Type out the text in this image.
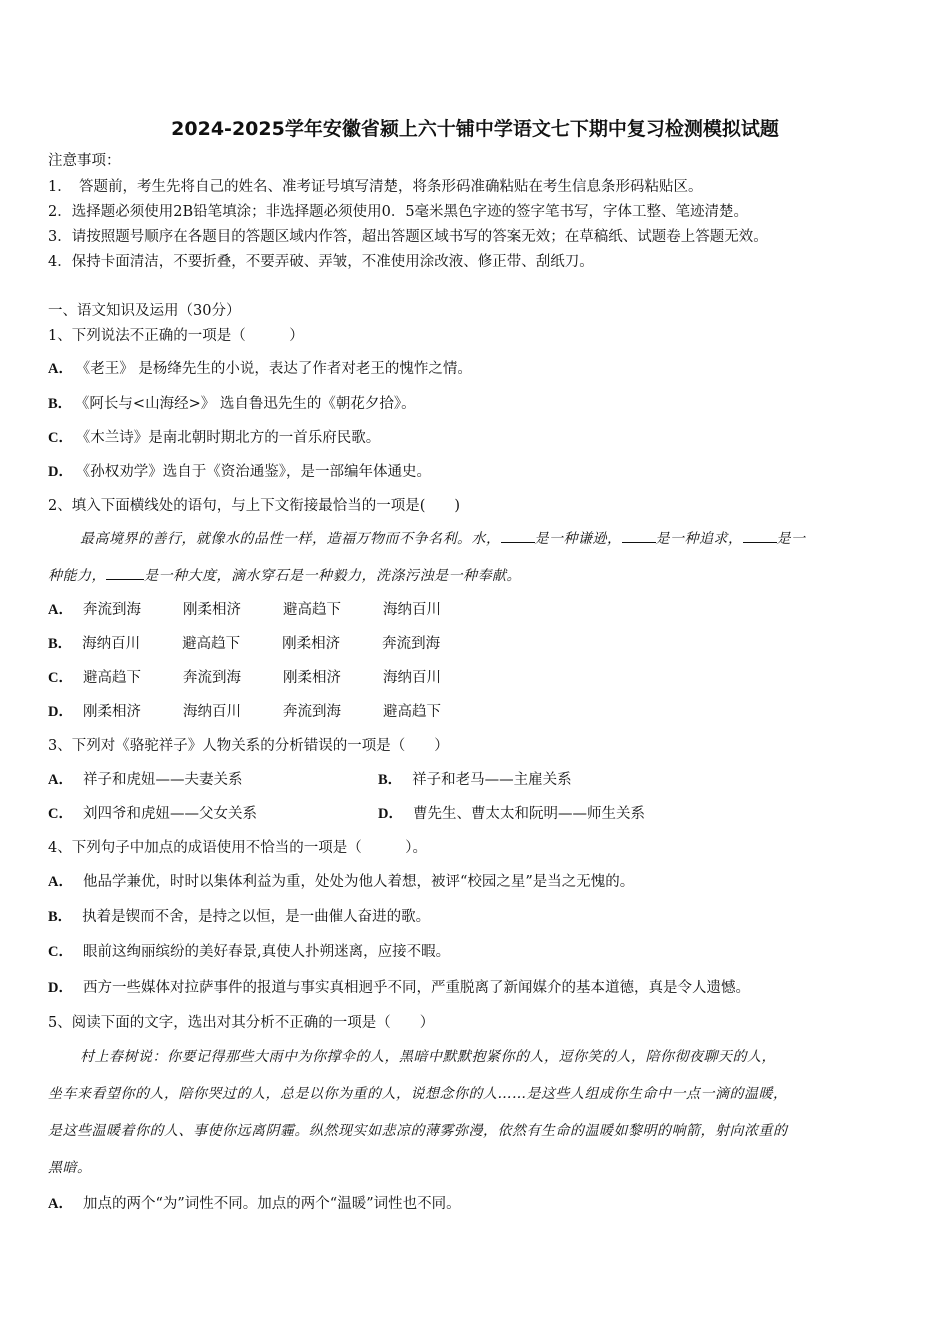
2024-2025学年安徽省颍上六十铺中学语文七下期中复习检测模拟试题
注意事项：
1．　答题前，考生先将自己的姓名、准考证号填写清楚，将条形码准确粘贴在考生信息条形码粘贴区。
2．选择题必须使用2B铅笔填涂；非选择题必须使用0．5毫米黑色字迹的签字笔书写，字体工整、笔迹清楚。
3．请按照题号顺序在各题目的答题区域内作答，超出答题区域书写的答案无效；在草稿纸、试题卷上答题无效。
4．保持卡面清洁，不要折叠，不要弄破、弄皱，不准使用涂改液、修正带、刮纸刀。
一、语文知识及运用（30分）
1、下列说法不正确的一项是（　　　）
A． 《老王》 是杨绛先生的小说，表达了作者对老王的愧怍之情。
B． 《阿长与<山海经>》 选自鲁迅先生的《朝花夕拾》。
C． 《木兰诗》是南北朝时期北方的一首乐府民歌。
D． 《孙权劝学》选自于《资治通鉴》，是一部编年体通史。
2、填入下面横线处的语句，与上下文衔接最恰当的一项是(　　)
最高境界的善行，就像水的品性一样，造福万物而不争名利。水， 是一种谦逊， 是一种追求， 是一
种能力，	是一种大度，滴水穿石是一种毅力，洗涤污浊是一种奉献。
A． 奔流到海	刚柔相济	避高趋下	海纳百川
B． 海纳百川	避高趋下	刚柔相济	奔流到海
C． 避高趋下	奔流到海	刚柔相济	海纳百川
D． 刚柔相济	海纳百川	奔流到海	避高趋下
3、下列对《骆驼祥子》人物关系的分析错误的一项是（　　）
A． 祥子和虎妞——夫妻关系	B． 祥子和老马——主雇关系
C． 刘四爷和虎妞——父女关系	D． 曹先生、曹太太和阮明——师生关系
4、下列句子中加点的成语使用不恰当的一项是（　　　）。
A． 他品学兼优，时时以集体利益为重，处处为他人着想，被评“校园之星”是当之无愧的。
B． 执着是锲而不舍，是持之以恒，是一曲催人奋进的歌。
C． 眼前这绚丽缤纷的美好春景,真使人扑朔迷离，应接不暇。
D． 西方一些媒体对拉萨事件的报道与事实真相迥乎不同，严重脱离了新闻媒介的基本道德，真是令人遗憾。
5、阅读下面的文字，选出对其分析不正确的一项是（　　）
村上春树说：你要记得那些大雨中为你撑伞的人，黑暗中默默抱紧你的人，逗你笑的人，陪你彻夜聊天的人，
坐车来看望你的人，陪你哭过的人，总是以你为重的人，说想念你的人……是这些人组成你生命中一点一滴的温暖，
是这些温暖着你的人、事使你远离阴霾。纵然现实如悲凉的薄雾弥漫，依然有生命的温暖如黎明的响箭，射向浓重的
黑暗。
A． 加点的两个“为”词性不同。加点的两个“温暖”词性也不同。
